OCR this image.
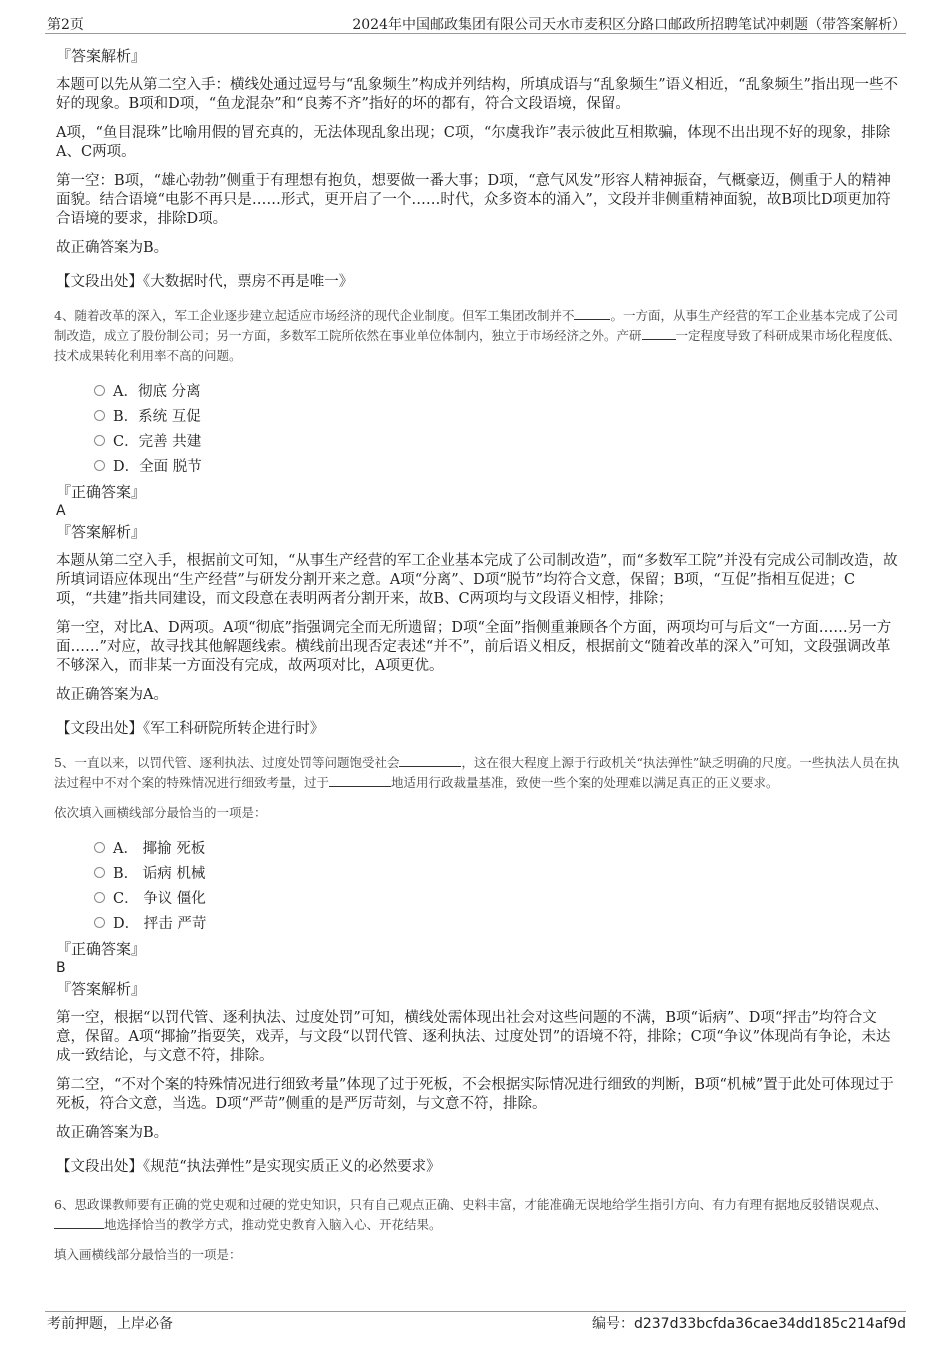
第2页	2024年中国邮政集团有限公司天水市麦积区分路口邮政所招聘笔试冲刺题（带答案解析）
『答案解析』
本题可以先从第二空入手：横线处通过逗号与“乱象频生”构成并列结构，所填成语与“乱象频生”语义相近，“乱象频生”指出现一些不好的现象。B项和D项，“鱼龙混杂”和“良莠不齐”指好的坏的都有，符合文段语境，保留。
A项，“鱼目混珠”比喻用假的冒充真的，无法体现乱象出现；C项，“尔虞我诈”表示彼此互相欺骗，体现不出出现不好的现象，排除A、C两项。
第一空：B项，“雄心勃勃”侧重于有理想有抱负，想要做一番大事；D项，“意气风发”形容人精神振奋，气概豪迈，侧重于人的精神面貌。结合语境“电影不再只是……形式，更开启了一个……时代，众多资本的涌入”，文段并非侧重精神面貌，故B项比D项更加符合语境的要求，排除D项。
故正确答案为B。
【文段出处】《大数据时代，票房不再是唯一》
4、随着改革的深入，军工企业逐步建立起适应市场经济的现代企业制度。但军工集团改制并不	。一方面，从事生产经营的军工企业基本完成了公司制改造，成立了股份制公司；另一方面，多数军工院所依然在事业单位体制内，独立于市场经济之外。产研	一定程度导致了科研成果市场化程度低、技术成果转化利用率不高的问题。
A．彻底 分离
B．系统 互促
C．完善 共建
D．全面 脱节
『正确答案』
A
『答案解析』
本题从第二空入手，根据前文可知，“从事生产经营的军工企业基本完成了公司制改造”，而“多数军工院”并没有完成公司制改造，故所填词语应体现出“生产经营”与研发分割开来之意。A项“分离”、D项“脱节”均符合文意，保留；B项，“互促”指相互促进；C项，“共建”指共同建设，而文段意在表明两者分割开来，故B、C两项均与文段语义相悖，排除；
第一空，对比A、D两项。A项“彻底”指强调完全而无所遗留；D项“全面”指侧重兼顾各个方面，两项均可与后文“一方面……另一方面……”对应，故寻找其他解题线索。横线前出现否定表述“并不”，前后语义相反，根据前文“随着改革的深入”可知，文段强调改革不够深入，而非某一方面没有完成，故两项对比，A项更优。
故正确答案为A。
【文段出处】《军工科研院所转企进行时》
5、一直以来，以罚代管、逐利执法、过度处罚等问题饱受社会	，这在很大程度上源于行政机关“执法弹性”缺乏明确的尺度。一些执法人员在执法过程中不对个案的特殊情况进行细致考量，过于	地适用行政裁量基准，致使一些个案的处理难以满足真正的正义要求。
依次填入画横线部分最恰当的一项是：
A． 揶揄 死板
B． 诟病 机械
C． 争议 僵化
D． 抨击 严苛
『正确答案』
B
『答案解析』
第一空，根据“以罚代管、逐利执法、过度处罚”可知，横线处需体现出社会对这些问题的不满，B项“诟病”、D项“抨击”均符合文意，保留。A项“揶揄”指耍笑，戏弄，与文段“以罚代管、逐利执法、过度处罚”的语境不符，排除；C项“争议”体现尚有争论，未达成一致结论，与文意不符，排除。
第二空，“不对个案的特殊情况进行细致考量”体现了过于死板，不会根据实际情况进行细致的判断，B项“机械”置于此处可体现过于死板，符合文意，当选。D项“严苛”侧重的是严厉苛刻，与文意不符，排除。
故正确答案为B。
【文段出处】《规范“执法弹性”是实现实质正义的必然要求》
6、思政课教师要有正确的党史观和过硬的党史知识，只有自己观点正确、史料丰富，才能准确无误地给学生指引方向、有力有理有据地反驳错误观点、地选择恰当的教学方式，推动党史教育入脑入心、开花结果。
填入画横线部分最恰当的一项是：
考前押题，上岸必备	编号：d237d33bcfda36cae34dd185c214af9d
